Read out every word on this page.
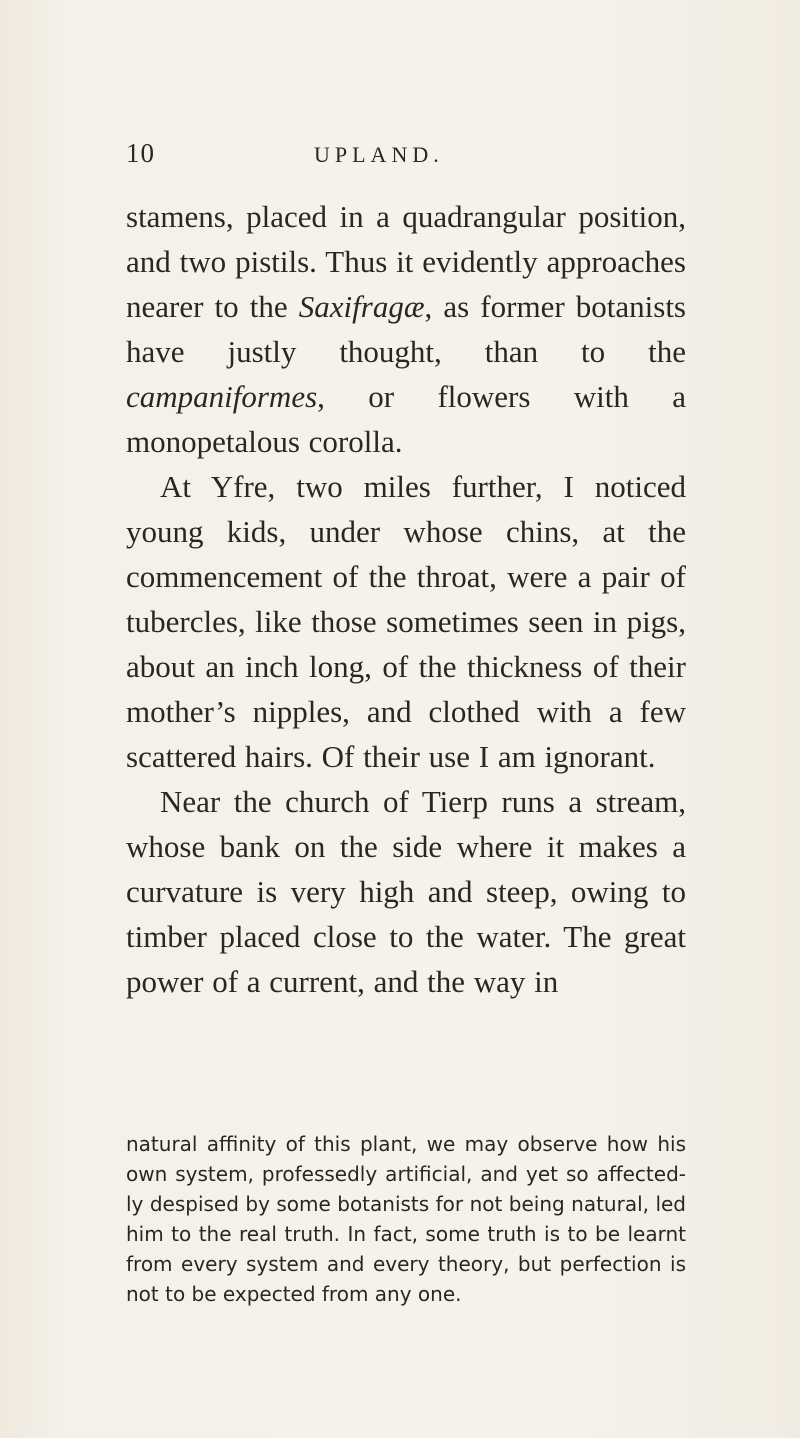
10	UPLAND.

stamens, placed in a quadrangular position, and two pistils. Thus it evidently approaches nearer to the Saxifragæ, as former botanists have justly thought, than to the campaniformes, or flowers with a monopetalous corolla.

At Yfre, two miles further, I noticed young kids, under whose chins, at the commencement of the throat, were a pair of tubercles, like those sometimes seen in pigs, about an inch long, of the thickness of their mother’s nipples, and clothed with a few scattered hairs. Of their use I am ignorant.

Near the church of Tierp runs a stream, whose bank on the side where it makes a curvature is very high and steep, owing to timber placed close to the water. The great power of a current, and the way in

natural affinity of this plant, we may observe how his own system, professedly artificial, and yet so affected-ly despised by some botanists for not being natural, led him to the real truth. In fact, some truth is to be learnt from every system and every theory, but perfection is not to be expected from any one.
